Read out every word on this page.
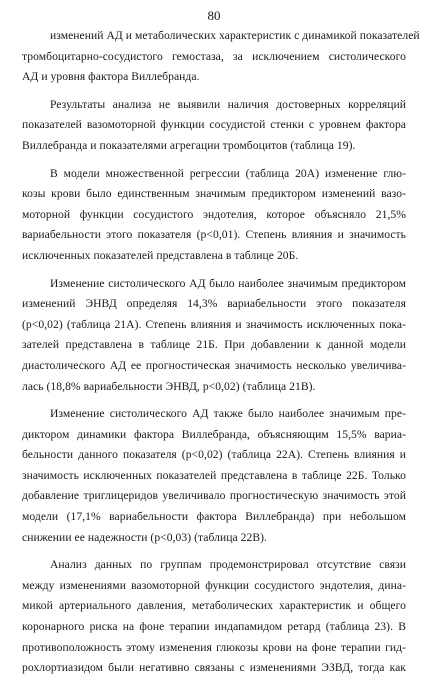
80

изменений АД и метаболических характеристик с динамикой показателей
тромбоцитарно-сосудистого гемостаза, за исключением систолического
АД и уровня фактора Виллебранда.

Результаты анализа не выявили наличия достоверных корреляций
показателей вазомоторной функции сосудистой стенки с уровнем фактора
Виллебранда и показателями агрегации тромбоцитов (таблица 19).

В модели множественной регрессии (таблица 20А) изменение глю-
козы крови было единственным значимым предиктором изменений вазо-
моторной функции сосудистого эндотелия, которое объясняло 21,5%
вариабельности этого показателя (p<0,01). Степень влияния и значимость
исключенных показателей представлена в таблице 20Б.

Изменение систолического АД было наиболее значимым предиктором
изменений ЭНВД определяя 14,3% вариабельности этого показателя
(p<0,02) (таблица 21А). Степень влияния и значимость исключенных пока-
зателей представлена в таблице 21Б. При добавлении к данной модели
диастолического АД ее прогностическая значимость несколько увеличива-
лась (18,8% вариабельности ЭНВД, p<0,02) (таблица 21В).

Изменение систолического АД также было наиболее значимым пре-
диктором динамики фактора Виллебранда, объясняющим 15,5% вариа-
бельности данного показателя (p<0,02) (таблица 22А). Степень влияния и
значимость исключенных показателей представлена в таблице 22Б. Только
добавление триглицеридов увеличивало прогностическую значимость этой
модели (17,1% вариабельности фактора Виллебранда) при небольшом
снижении ее надежности (p<0,03) (таблица 22В).

Анализ данных по группам продемонстрировал отсутствие связи
между изменениями вазомоторной функции сосудистого эндотелия, дина-
микой артериального давления, метаболических характеристик и общего
коронарного риска на фоне терапии индапамидом ретард (таблица 23). В
противоположность этому изменения глюкозы крови на фоне терапии гид-
рохлортиазидом были негативно связаны с изменениями ЭЗВД, тогда как
